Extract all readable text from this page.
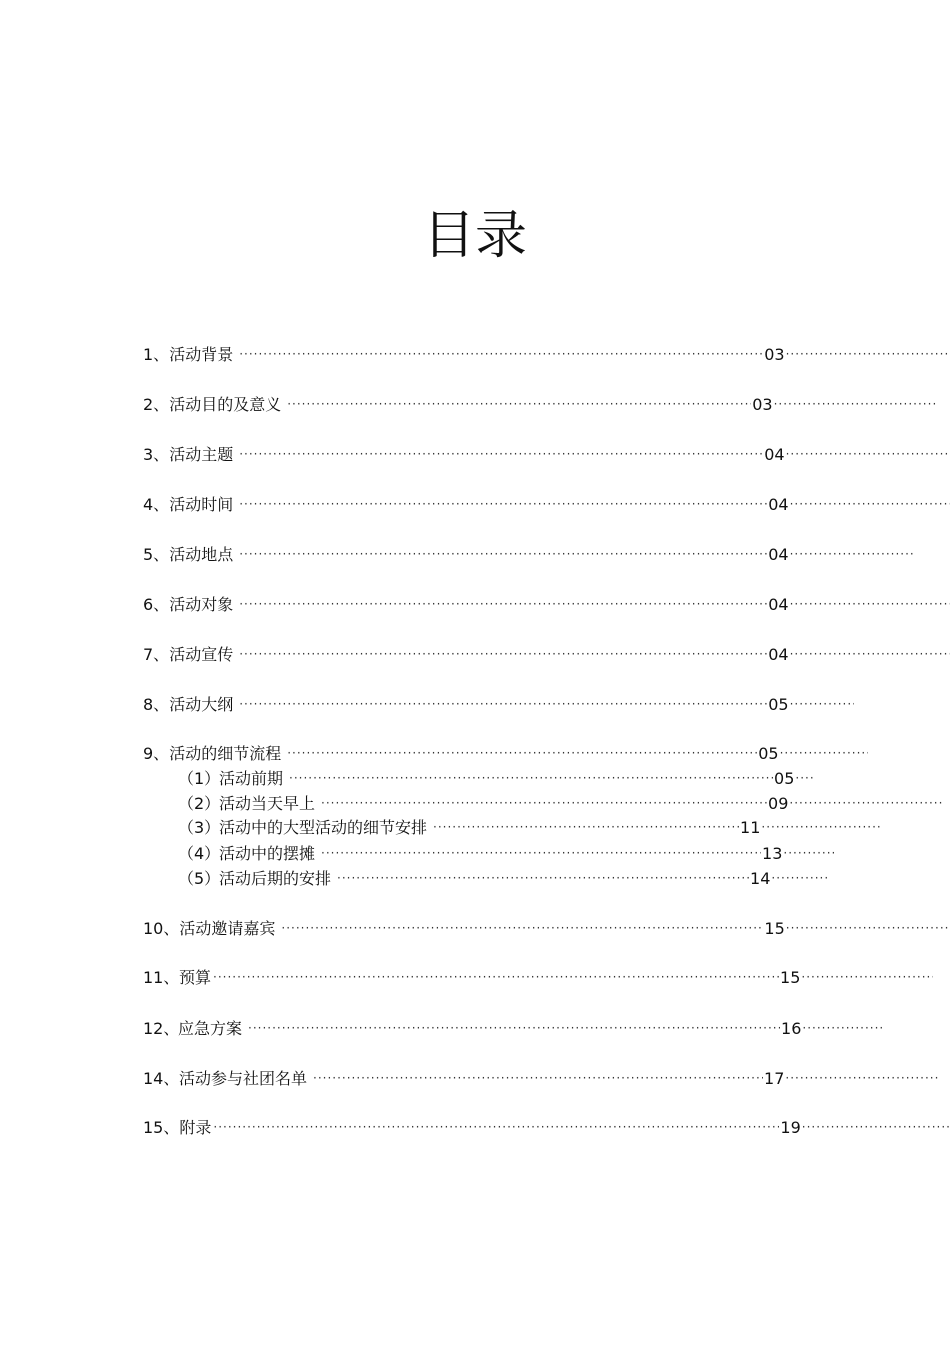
目录
1、 活动背景 ·····	03
·····
2、 活动目的及意义 ·····	03
·····
3、 活动主题 ·····	04
·····
4、 活动时间 ·····	04
·····
5、 活动地点 ·····	04
·····
6、 活动对象 ·····	04
·····
7、 活动宣传 ·····	04
·····
8、 活动大纲 ·····	05
·····
9、 活动的细节流程 ·····	05
·····
（1）
活动前期 ·····	05
·····
（2）
活动当天早上 ·····	09
·····
（3）
活动中的大型活动的细节安排 ·····	11
·····
（4）
活动中的摆摊 ·····	13
·····
（5）
活动后期的安排 ·····	14
·····
10、 活动邀请嘉宾 ·····	15
·····
11、 预算 ·····	15
·····
12、
应急方案 ·····	16
·····
14、 活动参与社团名单 ·····	17
·····
15、 附录 ·····	19
·····
